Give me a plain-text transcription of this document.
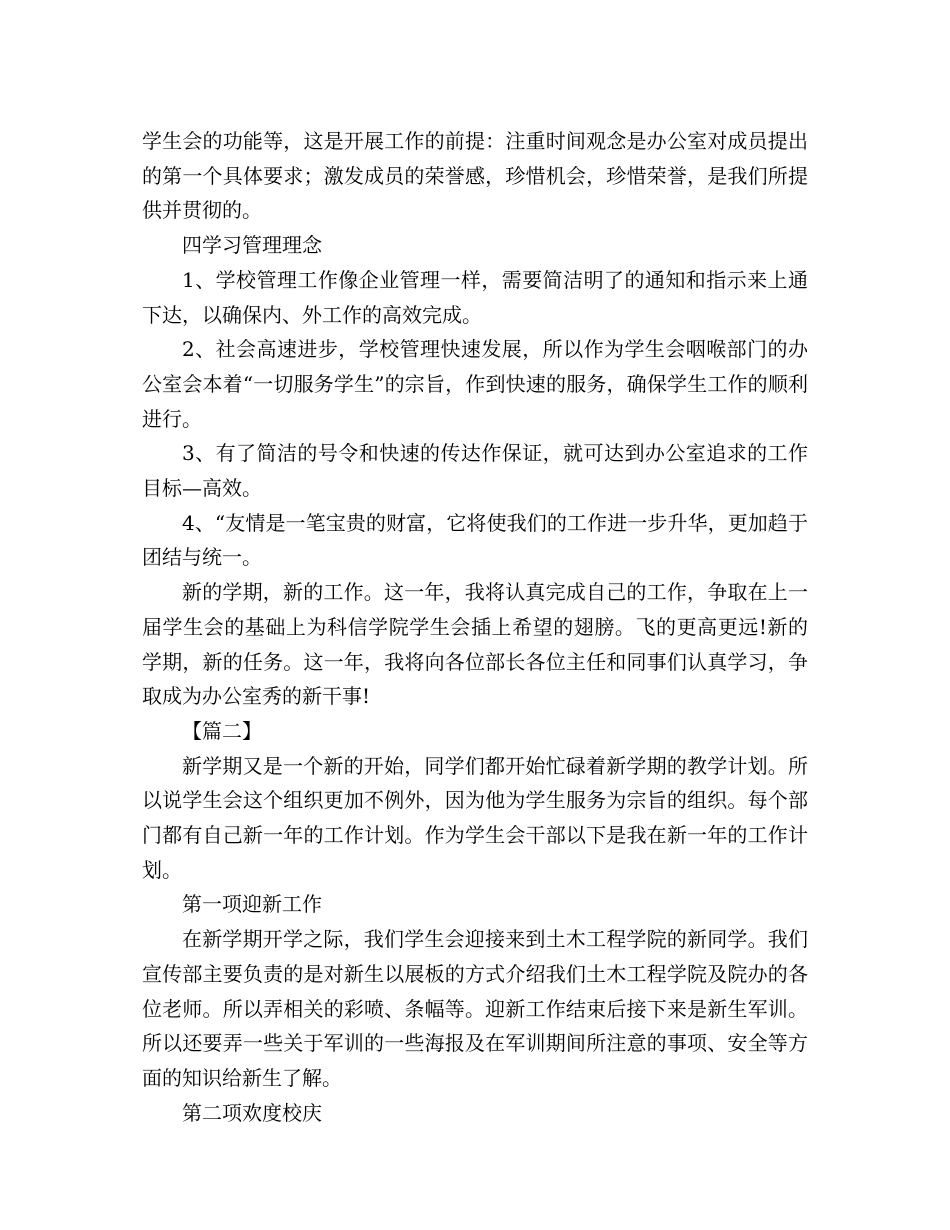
学生会的功能等，这是开展工作的前提：注重时间观念是办公室对成员提出的第一个具体要求；激发成员的荣誉感，珍惜机会，珍惜荣誉，是我们所提供并贯彻的。

四学习管理理念

1、学校管理工作像企业管理一样，需要简洁明了的通知和指示来上通下达，以确保内、外工作的高效完成。

2、社会高速进步，学校管理快速发展，所以作为学生会咽喉部门的办公室会本着“一切服务学生”的宗旨，作到快速的服务，确保学生工作的顺利进行。

3、有了简洁的号令和快速的传达作保证，就可达到办公室追求的工作目标—高效。

4、“友情是一笔宝贵的财富，它将使我们的工作进一步升华，更加趋于团结与统一。

新的学期，新的工作。这一年，我将认真完成自己的工作，争取在上一届学生会的基础上为科信学院学生会插上希望的翅膀。飞的更高更远!新的学期，新的任务。这一年，我将向各位部长各位主任和同事们认真学习，争取成为办公室秀的新干事!

【篇二】

新学期又是一个新的开始，同学们都开始忙碌着新学期的教学计划。所以说学生会这个组织更加不例外，因为他为学生服务为宗旨的组织。每个部门都有自己新一年的工作计划。作为学生会干部以下是我在新一年的工作计划。

第一项迎新工作

在新学期开学之际，我们学生会迎接来到土木工程学院的新同学。我们宣传部主要负责的是对新生以展板的方式介绍我们土木工程学院及院办的各位老师。所以弄相关的彩喷、条幅等。迎新工作结束后接下来是新生军训。所以还要弄一些关于军训的一些海报及在军训期间所注意的事项、安全等方面的知识给新生了解。

第二项欢度校庆
